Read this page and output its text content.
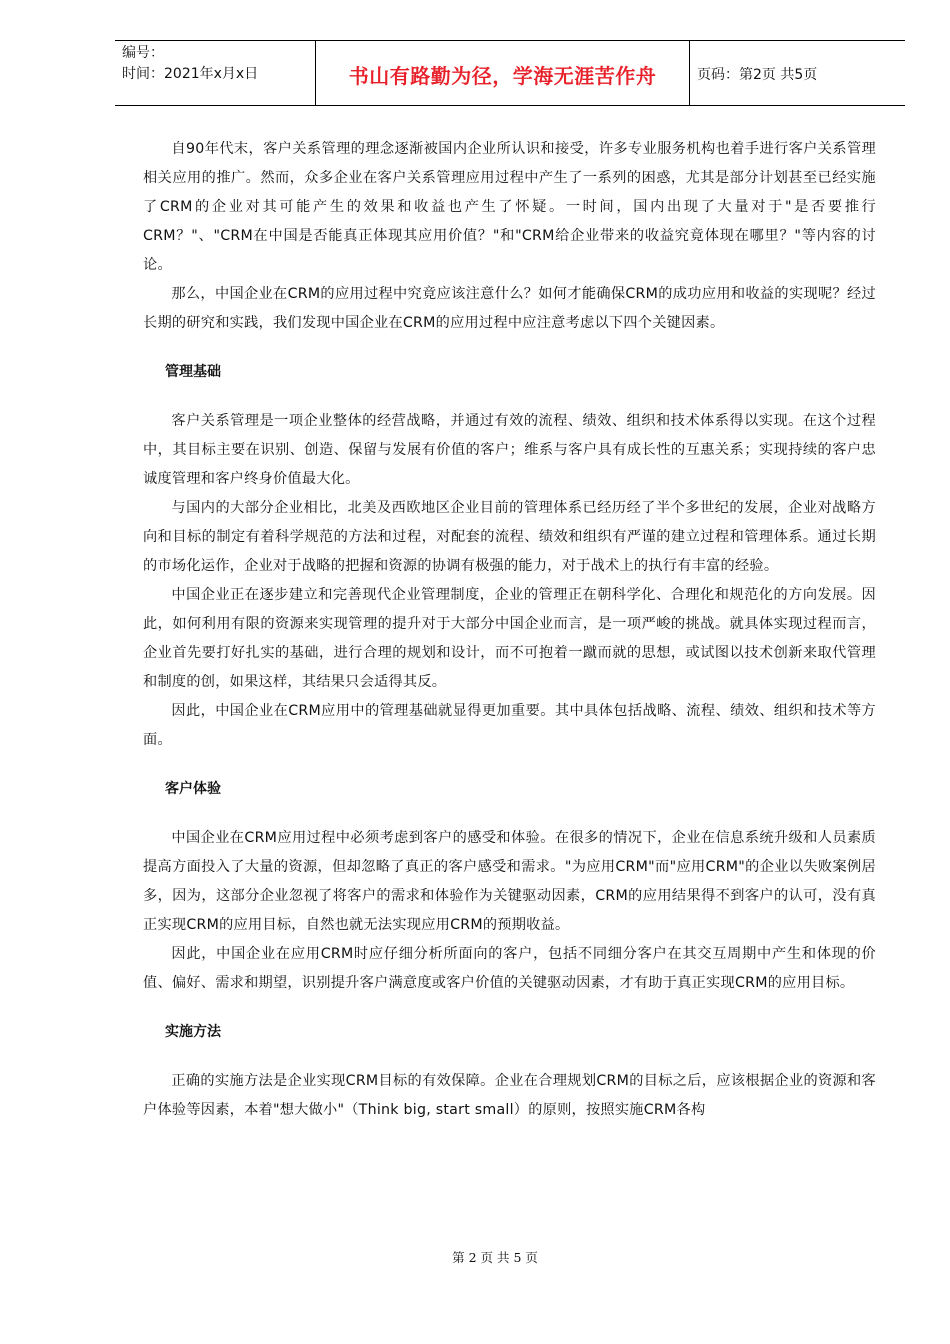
编号：
时间：2021年x月x日	书山有路勤为径，学海无涯苦作舟	页码：第2页 共5页

自90年代末，客户关系管理的理念逐渐被国内企业所认识和接受，许多专业服务机构也着手进行客户关系管理相关应用的推广。然而，众多企业在客户关系管理应用过程中产生了一系列的困惑，尤其是部分计划甚至已经实施了CRM的企业对其可能产生的效果和收益也产生了怀疑。一时间，国内出现了大量对于"是否要推行CRM？"、"CRM在中国是否能真正体现其应用价值？"和"CRM给企业带来的收益究竟体现在哪里？"等内容的讨论。

那么，中国企业在CRM的应用过程中究竟应该注意什么？如何才能确保CRM的成功应用和收益的实现呢？经过长期的研究和实践，我们发现中国企业在CRM的应用过程中应注意考虑以下四个关键因素。

管理基础

客户关系管理是一项企业整体的经营战略，并通过有效的流程、绩效、组织和技术体系得以实现。在这个过程中，其目标主要在识别、创造、保留与发展有价值的客户；维系与客户具有成长性的互惠关系；实现持续的客户忠诚度管理和客户终身价值最大化。

与国内的大部分企业相比，北美及西欧地区企业目前的管理体系已经历经了半个多世纪的发展，企业对战略方向和目标的制定有着科学规范的方法和过程，对配套的流程、绩效和组织有严谨的建立过程和管理体系。通过长期的市场化运作，企业对于战略的把握和资源的协调有极强的能力，对于战术上的执行有丰富的经验。

中国企业正在逐步建立和完善现代企业管理制度，企业的管理正在朝科学化、合理化和规范化的方向发展。因此，如何利用有限的资源来实现管理的提升对于大部分中国企业而言，是一项严峻的挑战。就具体实现过程而言，企业首先要打好扎实的基础，进行合理的规划和设计，而不可抱着一蹴而就的思想，或试图以技术创新来取代管理和制度的创，如果这样，其结果只会适得其反。

因此，中国企业在CRM应用中的管理基础就显得更加重要。其中具体包括战略、流程、绩效、组织和技术等方面。

客户体验

中国企业在CRM应用过程中必须考虑到客户的感受和体验。在很多的情况下，企业在信息系统升级和人员素质提高方面投入了大量的资源，但却忽略了真正的客户感受和需求。"为应用CRM"而"应用CRM"的企业以失败案例居多，因为，这部分企业忽视了将客户的需求和体验作为关键驱动因素，CRM的应用结果得不到客户的认可，没有真正实现CRM的应用目标，自然也就无法实现应用CRM的预期收益。

因此，中国企业在应用CRM时应仔细分析所面向的客户，包括不同细分客户在其交互周期中产生和体现的价值、偏好、需求和期望，识别提升客户满意度或客户价值的关键驱动因素，才有助于真正实现CRM的应用目标。

实施方法

正确的实施方法是企业实现CRM目标的有效保障。企业在合理规划CRM的目标之后，应该根据企业的资源和客户体验等因素，本着"想大做小"（Think big, start small）的原则，按照实施CRM各构

第 2 页 共 5 页
